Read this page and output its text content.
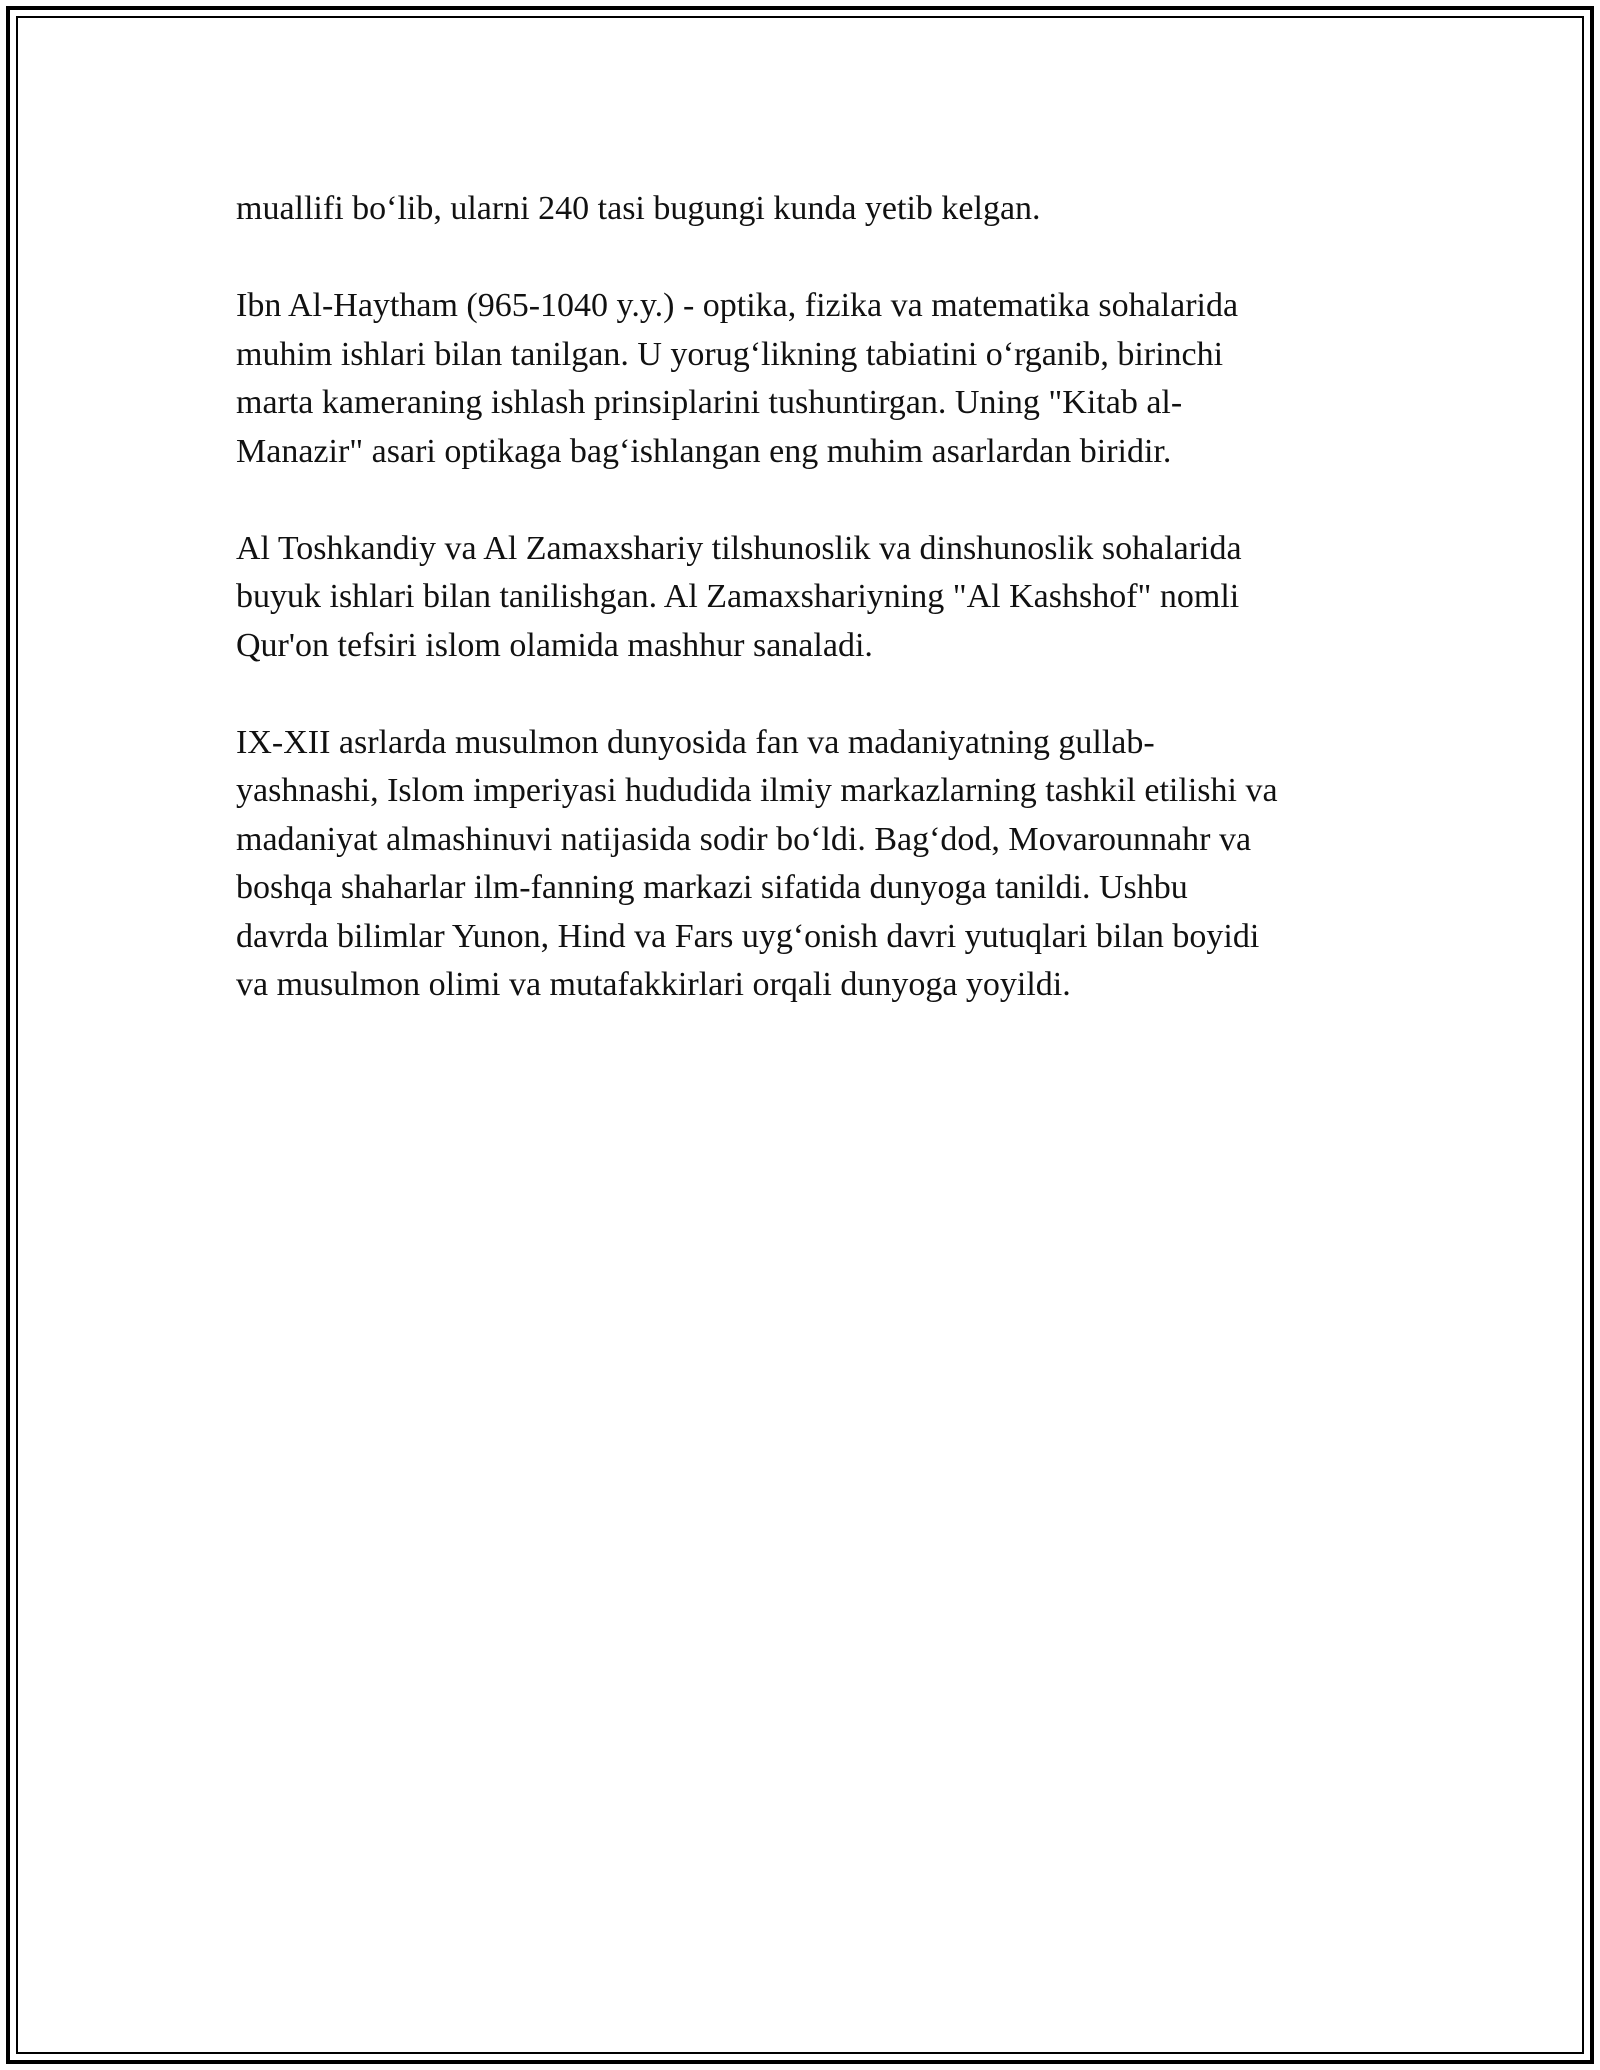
muallifi bo‘lib, ularni 240 tasi bugungi kunda yetib kelgan.

Ibn Al-Haytham (965-1040 y.y.) - optika, fizika va matematika sohalarida
muhim ishlari bilan tanilgan. U yorug‘likning tabiatini o‘rganib, birinchi
marta kameraning ishlash prinsiplarini tushuntirgan. Uning "Kitab al-
Manazir" asari optikaga bag‘ishlangan eng muhim asarlardan biridir.

Al Toshkandiy va Al Zamaxshariy tilshunoslik va dinshunoslik sohalarida
buyuk ishlari bilan tanilishgan. Al Zamaxshariyning "Al Kashshof" nomli
Qur'on tefsiri islom olamida mashhur sanaladi.

IX-XII asrlarda musulmon dunyosida fan va madaniyatning gullab-
yashnashi, Islom imperiyasi hududida ilmiy markazlarning tashkil etilishi va
madaniyat almashinuvi natijasida sodir bo‘ldi. Bag‘dod, Movarounnahr va
boshqa shaharlar ilm-fanning markazi sifatida dunyoga tanildi. Ushbu
davrda bilimlar Yunon, Hind va Fars uyg‘onish davri yutuqlari bilan boyidi
va musulmon olimi va mutafakkirlari orqali dunyoga yoyildi.
